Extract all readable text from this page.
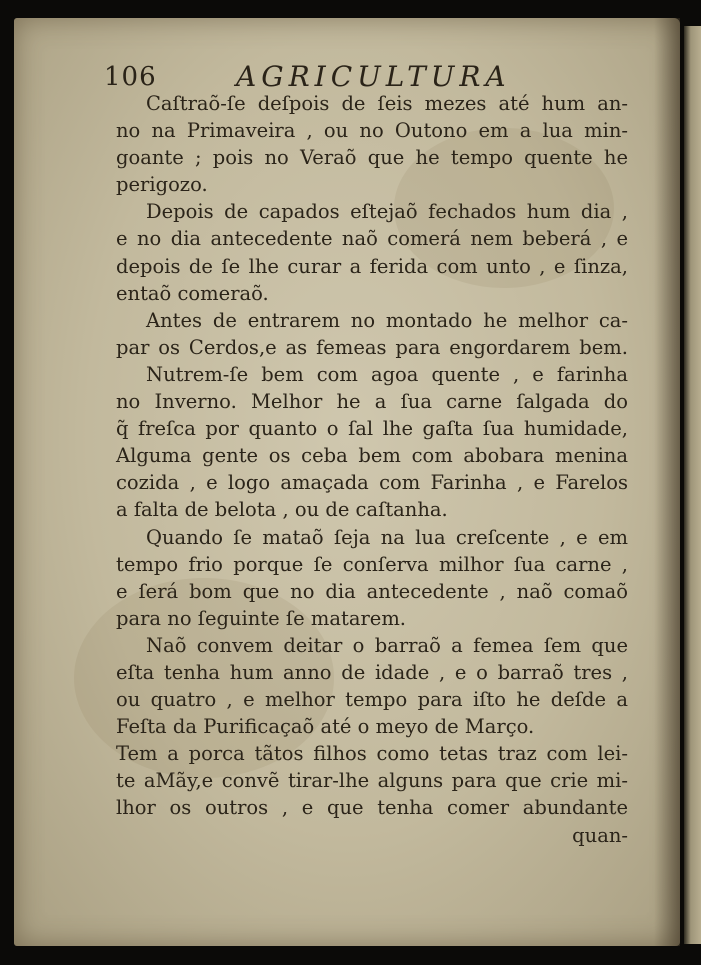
106	AGRICULTURA
Caſtraõ-ſe deſpois de ſeis mezes até hum an-
no na Primaveira , ou no Outono em a lua min-
goante ; pois no Veraõ que he tempo quente he
perigozo.
Depois de capados eſtejaõ fechados hum dia ,
e no dia antecedente naõ comerá nem beberá , e
depois de ſe lhe curar a ferida com unto , e ſinza,
entaõ comeraõ.
Antes de entrarem no montado he melhor ca-
par os Cerdos,e as femeas para engordarem bem.
Nutrem-ſe bem com agoa quente , e farinha
no Inverno. Melhor he a ſua carne ſalgada do
q̃ freſca por quanto o ſal lhe gaſta ſua humidade,
Alguma gente os ceba bem com abobara menina
cozida , e logo amaçada com Farinha , e Farelos
a falta de belota , ou de caſtanha.
Quando ſe mataõ ſeja na lua creſcente , e em
tempo frio porque ſe conſerva milhor ſua carne ,
e ſerá bom que no dia antecedente , naõ comaõ
para no ſeguinte ſe matarem.
Naõ convem deitar o barraõ a femea ſem que
eſta tenha hum anno de idade , e o barraõ tres ,
ou quatro , e melhor tempo para iſto he deſde a
Feſta da Purificaçaõ até o meyo de Março.
Tem a porca tãtos filhos como tetas traz com lei-
te aMãy,e convẽ tirar-lhe alguns para que crie mi-
lhor os outros , e que tenha comer abundante
quan-
